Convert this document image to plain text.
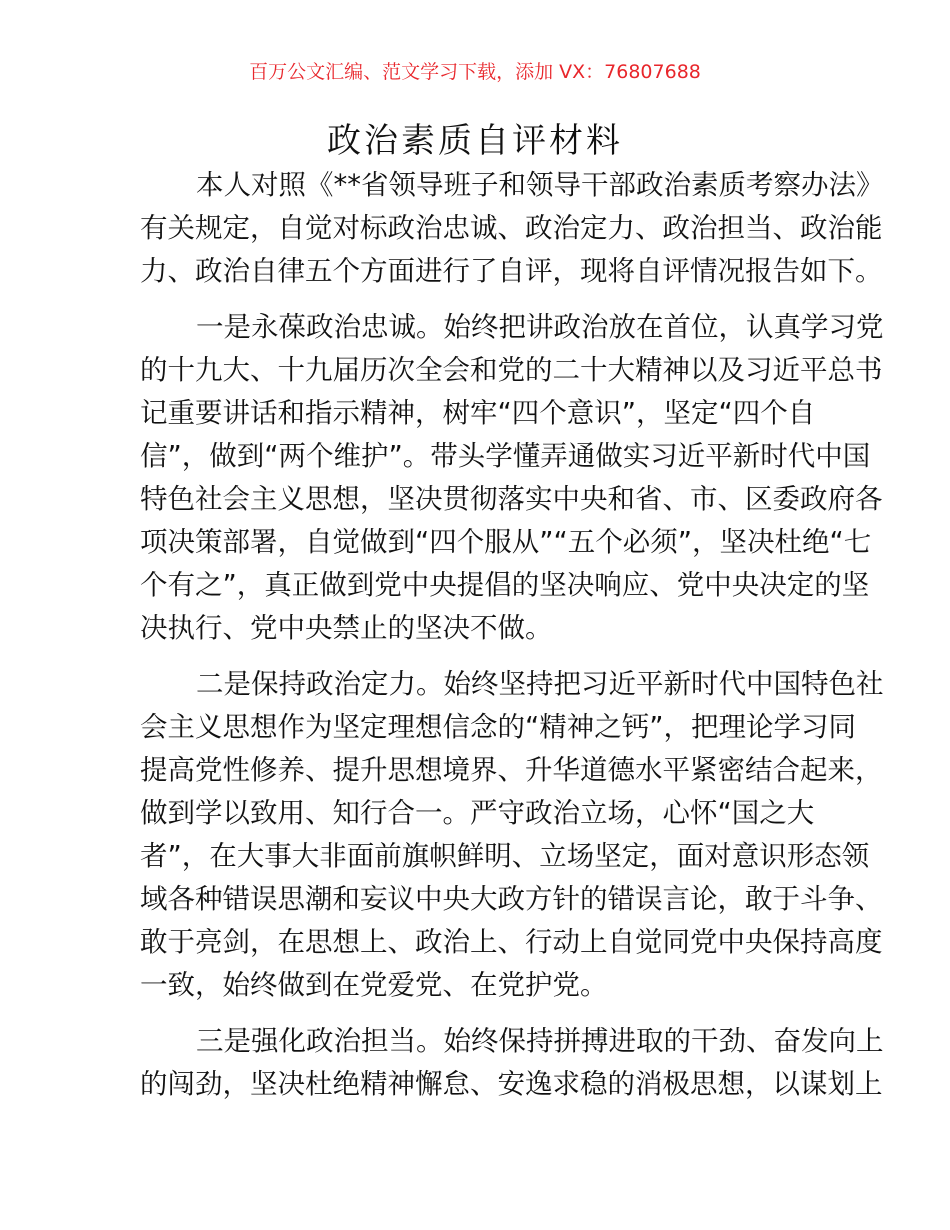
百万公文汇编、范文学习下载，添加 VX：76807688
政治素质自评材料
本人对照《**省领导班子和领导干部政治素质考察办法》
有关规定，自觉对标政治忠诚、政治定力、政治担当、政治能
力、政治自律五个方面进行了自评，现将自评情况报告如下。
一是永葆政治忠诚。始终把讲政治放在首位，认真学习党
的十九大、十九届历次全会和党的二十大精神以及习近平总书
记重要讲话和指示精神，树牢“四个意识”，坚定“四个自
信”，做到“两个维护”。带头学懂弄通做实习近平新时代中国
特色社会主义思想，坚决贯彻落实中央和省、市、区委政府各
项决策部署，自觉做到“四个服从”“五个必须”，坚决杜绝“七
个有之”，真正做到党中央提倡的坚决响应、党中央决定的坚
决执行、党中央禁止的坚决不做。
二是保持政治定力。始终坚持把习近平新时代中国特色社
会主义思想作为坚定理想信念的“精神之钙”，把理论学习同
提高党性修养、提升思想境界、升华道德水平紧密结合起来，
做到学以致用、知行合一。严守政治立场，心怀“国之大
者”，在大事大非面前旗帜鲜明、立场坚定，面对意识形态领
域各种错误思潮和妄议中央大政方针的错误言论，敢于斗争、
敢于亮剑，在思想上、政治上、行动上自觉同党中央保持高度
一致，始终做到在党爱党、在党护党。
三是强化政治担当。始终保持拼搏进取的干劲、奋发向上
的闯劲，坚决杜绝精神懈怠、安逸求稳的消极思想，以谋划上
